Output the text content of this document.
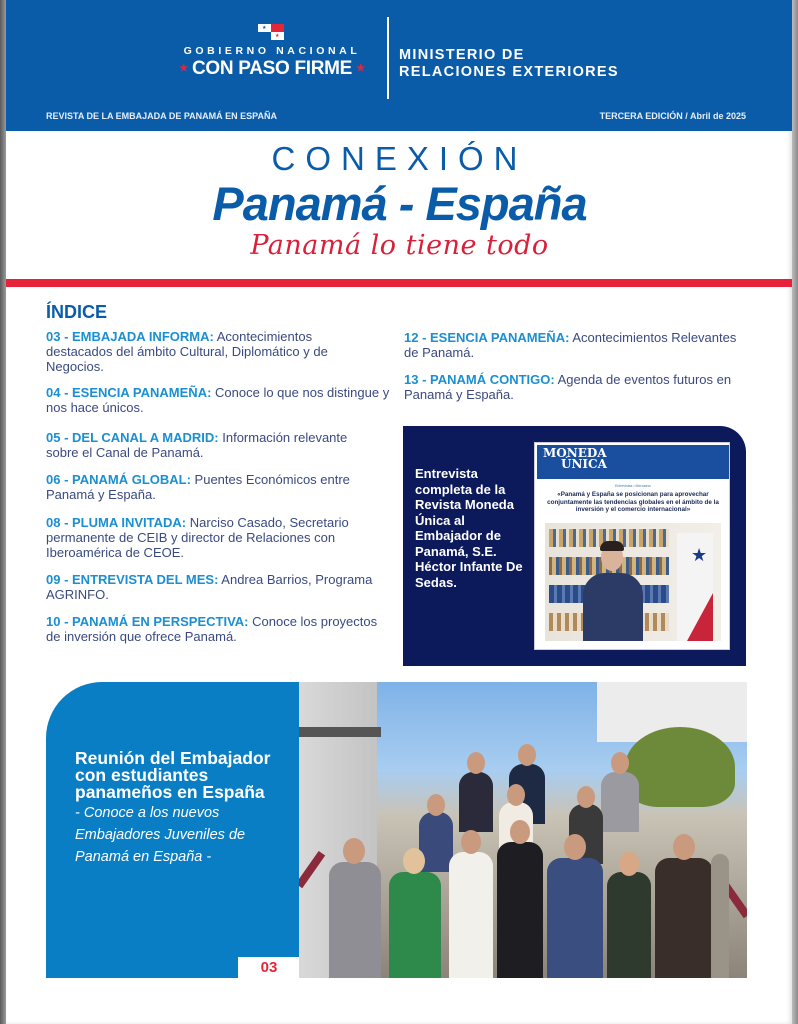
★
★
GOBIERNO NACIONAL
★ CON PASO FIRME ★
MINISTERIO DE
RELACIONES EXTERIORES
REVISTA DE LA EMBAJADA DE PANAMÁ EN ESPAÑA	TERCERA EDICIÓN / Abril de 2025
CONEXIÓN
Panamá - España
Panamá lo tiene todo
ÍNDICE
03 - EMBAJADA INFORMA: Acontecimientos destacados del ámbito Cultural, Diplomático y de Negocios.
04 - ESENCIA PANAMEÑA: Conoce lo que nos distingue y nos hace únicos.
05 - DEL CANAL A MADRID: Información relevante sobre el Canal de Panamá.
06 - PANAMÁ GLOBAL: Puentes Económicos entre Panamá y España.
08 - PLUMA INVITADA: Narciso Casado, Secretario permanente de CEIB y director de Relaciones con Iberoamérica de CEOE.
09 - ENTREVISTA DEL MES: Andrea Barrios, Programa AGRINFO.
10 - PANAMÁ EN PERSPECTIVA: Conoce los proyectos de inversión que ofrece Panamá.
12 - ESENCIA PANAMEÑA: Acontecimientos Relevantes de Panamá.
13 - PANAMÁ CONTIGO: Agenda de eventos futuros en Panamá y España.
Entrevista completa de la Revista Moneda Única al Embajador de Panamá, S.E. Héctor Infante De Sedas.
MONEDA
ÚNICA
Entrevistas • Mercados
«Panamá y España se posicionan para aprovechar conjuntamente las tendencias globales en el ámbito de la inversión y el comercio internacional»
★
Reunión del Embajador con estudiantes panameños en España
- Conoce a los nuevos Embajadores Juveniles de Panamá en España -
03
